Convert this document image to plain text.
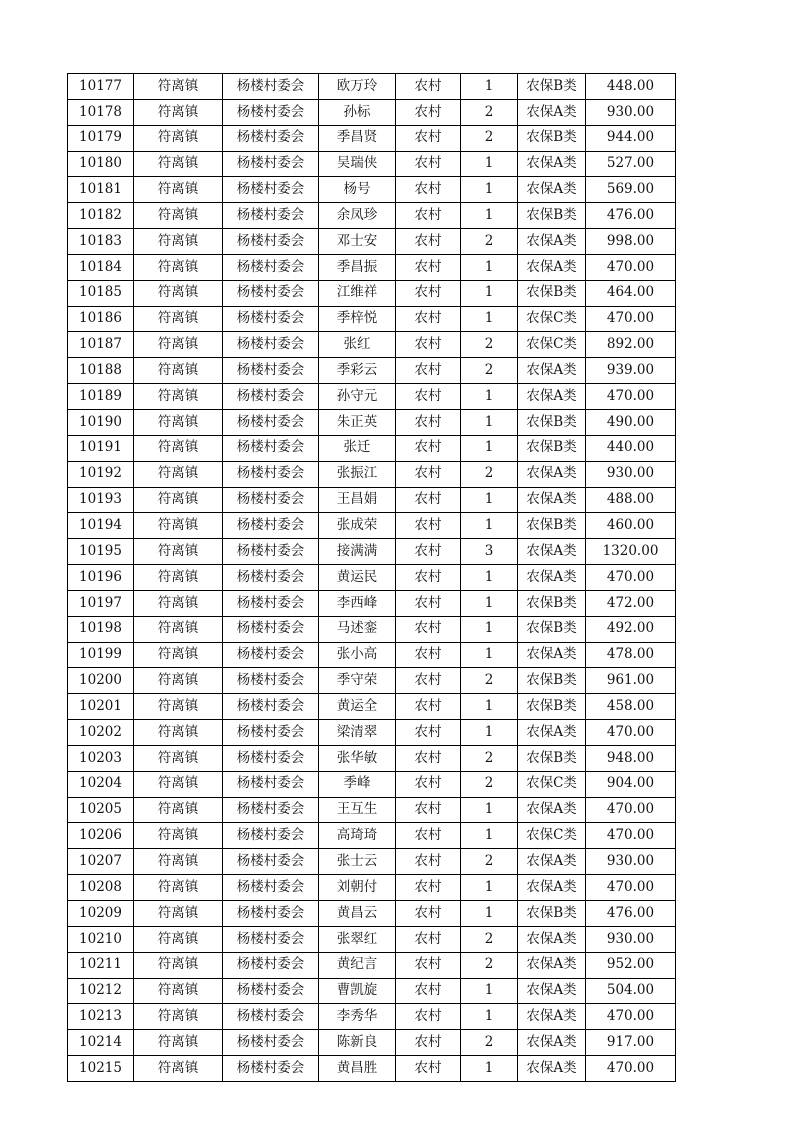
10177	符离镇	杨楼村委会	欧万玲	农村	1	农保B类	448.00
10178	符离镇	杨楼村委会	孙标	农村	2	农保A类	930.00
10179	符离镇	杨楼村委会	季昌贤	农村	2	农保B类	944.00
10180	符离镇	杨楼村委会	吴瑞侠	农村	1	农保A类	527.00
10181	符离镇	杨楼村委会	杨号	农村	1	农保A类	569.00
10182	符离镇	杨楼村委会	余凤珍	农村	1	农保B类	476.00
10183	符离镇	杨楼村委会	邓士安	农村	2	农保A类	998.00
10184	符离镇	杨楼村委会	季昌振	农村	1	农保A类	470.00
10185	符离镇	杨楼村委会	江维祥	农村	1	农保B类	464.00
10186	符离镇	杨楼村委会	季梓悦	农村	1	农保C类	470.00
10187	符离镇	杨楼村委会	张红	农村	2	农保C类	892.00
10188	符离镇	杨楼村委会	季彩云	农村	2	农保A类	939.00
10189	符离镇	杨楼村委会	孙守元	农村	1	农保A类	470.00
10190	符离镇	杨楼村委会	朱正英	农村	1	农保B类	490.00
10191	符离镇	杨楼村委会	张迁	农村	1	农保B类	440.00
10192	符离镇	杨楼村委会	张振江	农村	2	农保A类	930.00
10193	符离镇	杨楼村委会	王昌娟	农村	1	农保A类	488.00
10194	符离镇	杨楼村委会	张成荣	农村	1	农保B类	460.00
10195	符离镇	杨楼村委会	接满满	农村	3	农保A类	1320.00
10196	符离镇	杨楼村委会	黄运民	农村	1	农保A类	470.00
10197	符离镇	杨楼村委会	李西峰	农村	1	农保B类	472.00
10198	符离镇	杨楼村委会	马述銮	农村	1	农保B类	492.00
10199	符离镇	杨楼村委会	张小高	农村	1	农保A类	478.00
10200	符离镇	杨楼村委会	季守荣	农村	2	农保B类	961.00
10201	符离镇	杨楼村委会	黄运全	农村	1	农保B类	458.00
10202	符离镇	杨楼村委会	梁清翠	农村	1	农保A类	470.00
10203	符离镇	杨楼村委会	张华敏	农村	2	农保B类	948.00
10204	符离镇	杨楼村委会	季峰	农村	2	农保C类	904.00
10205	符离镇	杨楼村委会	王互生	农村	1	农保A类	470.00
10206	符离镇	杨楼村委会	高琦琦	农村	1	农保C类	470.00
10207	符离镇	杨楼村委会	张士云	农村	2	农保A类	930.00
10208	符离镇	杨楼村委会	刘朝付	农村	1	农保A类	470.00
10209	符离镇	杨楼村委会	黄昌云	农村	1	农保B类	476.00
10210	符离镇	杨楼村委会	张翠红	农村	2	农保A类	930.00
10211	符离镇	杨楼村委会	黄纪言	农村	2	农保A类	952.00
10212	符离镇	杨楼村委会	曹凯旋	农村	1	农保A类	504.00
10213	符离镇	杨楼村委会	李秀华	农村	1	农保A类	470.00
10214	符离镇	杨楼村委会	陈新良	农村	2	农保A类	917.00
10215	符离镇	杨楼村委会	黄昌胜	农村	1	农保A类	470.00
